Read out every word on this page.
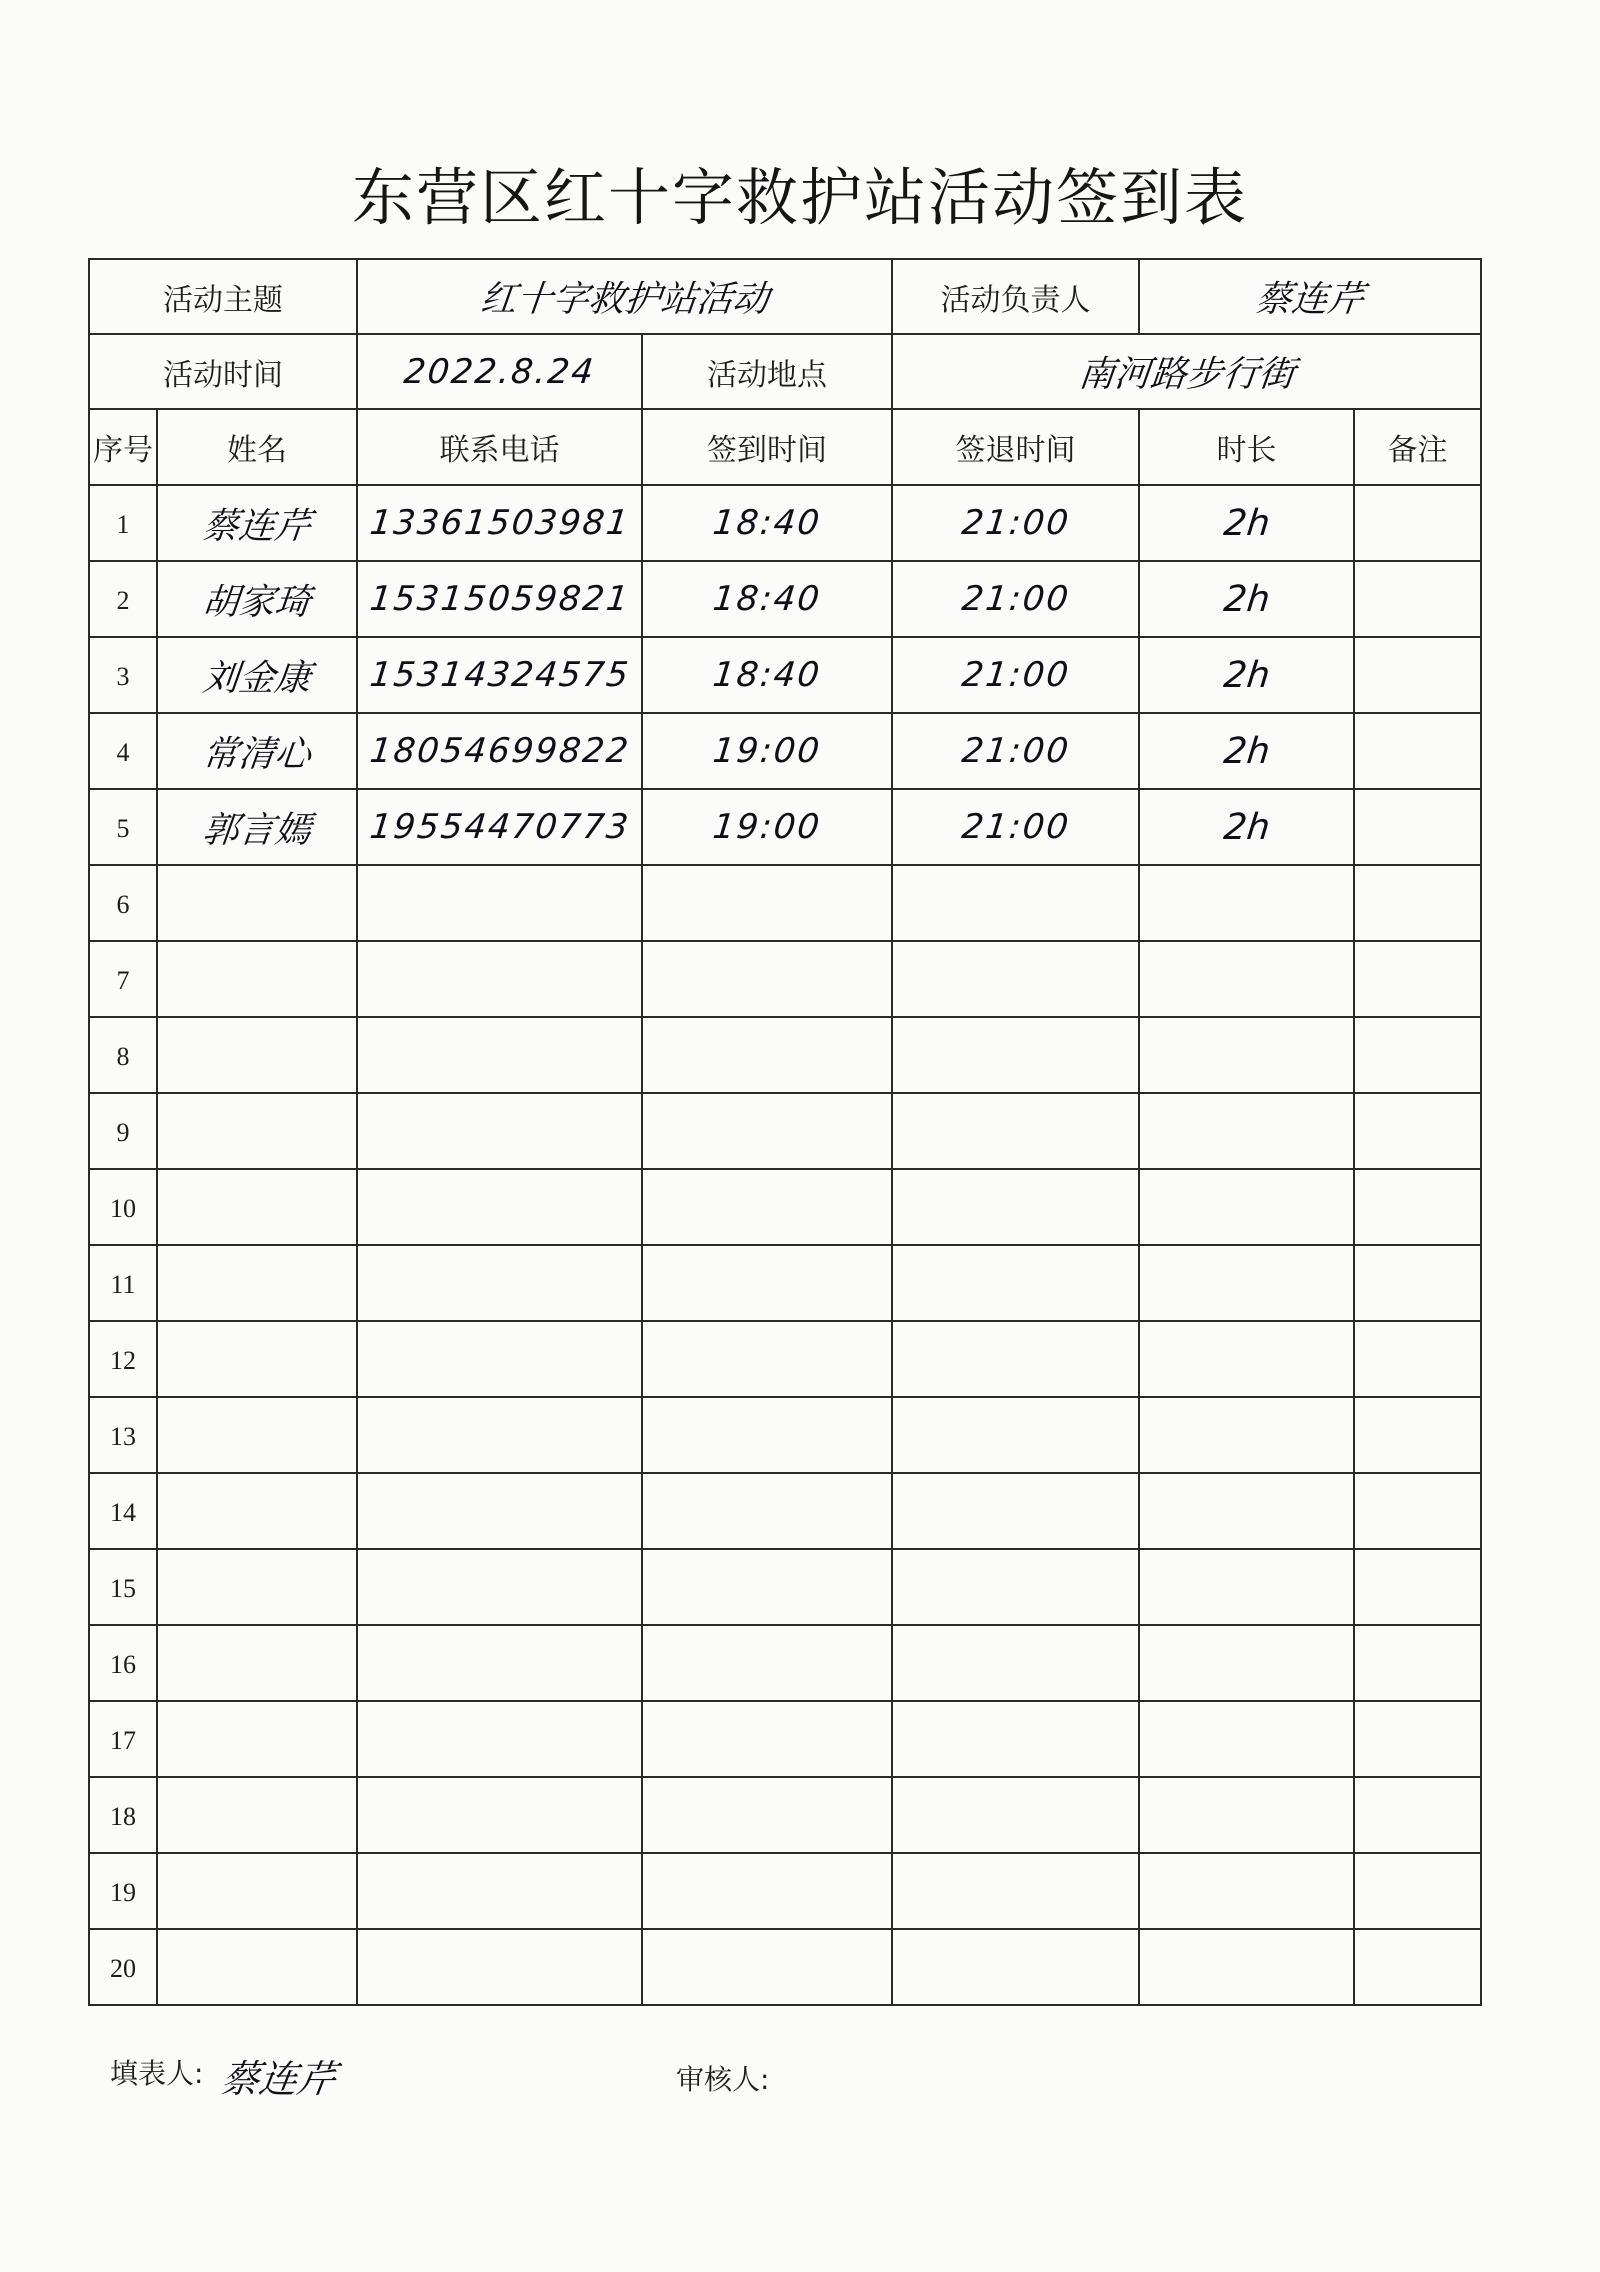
东营区红十字救护站活动签到表
活动主题		红十字救护站活动		活动负责人	蔡连芹	
活动时间		2022.8.24	活动地点	南河路步行街		
序号	姓名	联系电话	签到时间	签退时间	时长	备注
1	蔡连芹	13361503981	18:40	21:00	2h	
2	胡家琦	15315059821	18:40	21:00	2h	
3	刘金康	15314324575	18:40	21:00	2h	
4	常清心	18054699822	19:00	21:00	2h	
5	郭言嫣	19554470773	19:00	21:00	2h	
6						
7						
8						
9						
10						
11						
12						
13						
14						
15						
16						
17						
18						
19						
20						
填表人: 蔡连芹	审核人:
